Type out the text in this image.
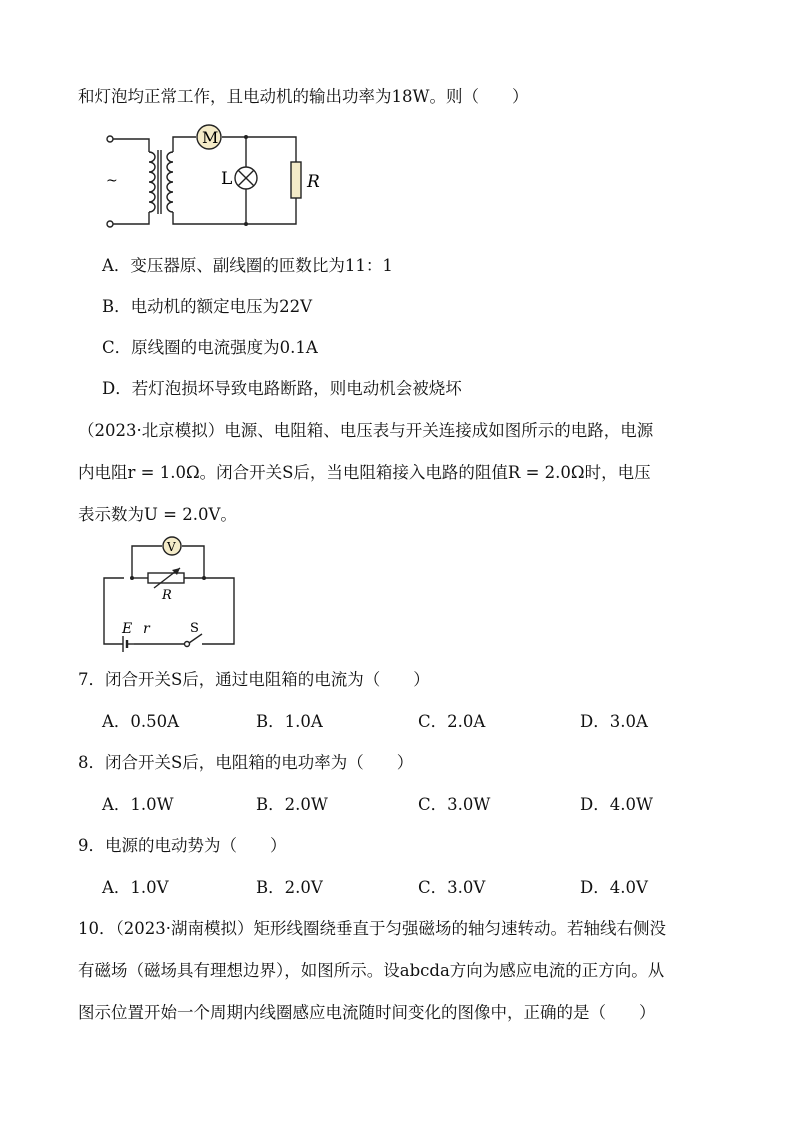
和灯泡均正常工作，且电动机的输出功率为18W。则（　　）
~
M
L	R
A．变压器原、副线圈的匝数比为11：1
B．电动机的额定电压为22V
C．原线圈的电流强度为0.1A
D．若灯泡损坏导致电路断路，则电动机会被烧坏
（2023·北京模拟）电源、电阻箱、电压表与开关连接成如图所示的电路，电源
内电阻r = 1.0Ω。闭合开关S后，当电阻箱接入电路的阻值R = 2.0Ω时，电压
表示数为U = 2.0V。
V
R
E r	S
7．闭合开关S后，通过电阻箱的电流为（　　）
A．0.50A	B．1.0A	C．2.0A	D．3.0A
8．闭合开关S后，电阻箱的电功率为（　　）
A．1.0W	B．2.0W	C．3.0W	D．4.0W
9．电源的电动势为（　　）
A．1.0V	B．2.0V	C．3.0V	D．4.0V
10．（2023·湖南模拟）矩形线圈绕垂直于匀强磁场的轴匀速转动。若轴线右侧没
有磁场（磁场具有理想边界），如图所示。设abcda方向为感应电流的正方向。从
图示位置开始一个周期内线圈感应电流随时间变化的图像中，正确的是（　　）
